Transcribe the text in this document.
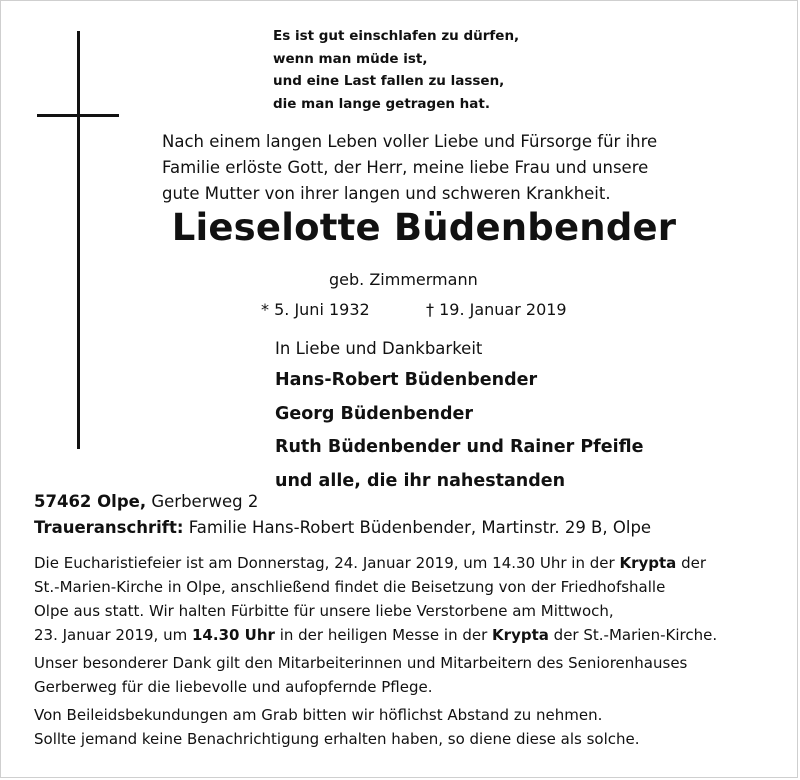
Es ist gut einschlafen zu dürfen,
wenn man müde ist,
und eine Last fallen zu lassen,
die man lange getragen hat.
Nach einem langen Leben voller Liebe und Fürsorge für ihre
Familie erlöste Gott, der Herr, meine liebe Frau und unsere
gute Mutter von ihrer langen und schweren Krankheit.
Lieselotte Büdenbender
geb. Zimmermann
* 5. Juni 1932	† 19. Januar 2019
In Liebe und Dankbarkeit
Hans-Robert Büdenbender
Georg Büdenbender
Ruth Büdenbender und Rainer Pfeifle
und alle, die ihr nahestanden
57462 Olpe, Gerberweg 2
Traueranschrift: Familie Hans-Robert Büdenbender, Martinstr. 29 B, Olpe

Die Eucharistiefeier ist am Donnerstag, 24. Januar 2019, um 14.30 Uhr in der Krypta der
St.-Marien-Kirche in Olpe, anschließend findet die Beisetzung von der Friedhofshalle
Olpe aus statt. Wir halten Fürbitte für unsere liebe Verstorbene am Mittwoch,
23. Januar 2019, um 14.30 Uhr in der heiligen Messe in der Krypta der St.-Marien-Kirche.

Unser besonderer Dank gilt den Mitarbeiterinnen und Mitarbeitern des Seniorenhauses
Gerberweg für die liebevolle und aufopfernde Pflege.

Von Beileidsbekundungen am Grab bitten wir höflichst Abstand zu nehmen.
Sollte jemand keine Benachrichtigung erhalten haben, so diene diese als solche.
